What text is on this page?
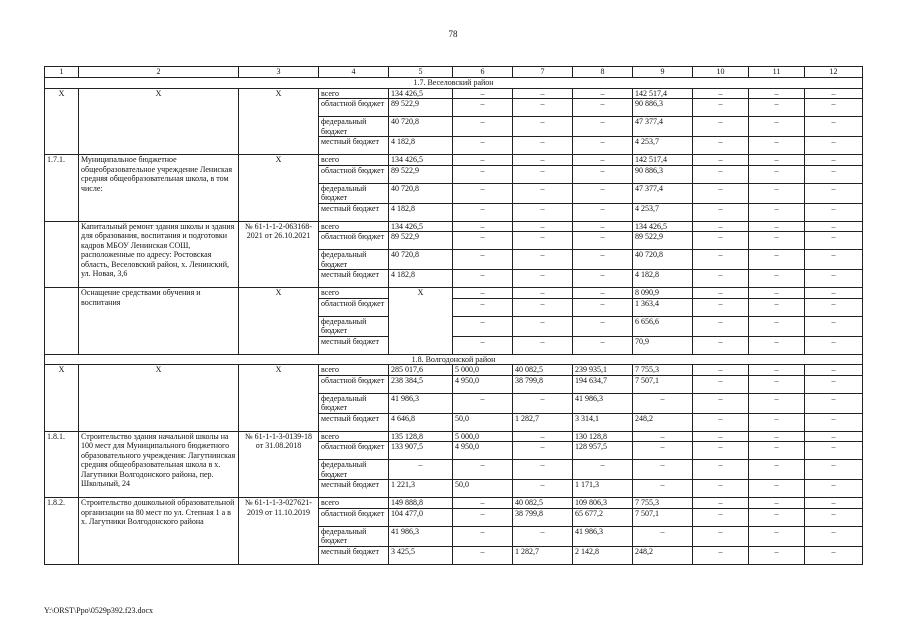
78
1	2	3	4	5	6	7	8	9	10	11	12
1.7. Веселовский район											
Х	Х	Х	всего	134 426,5	–	–	–	142 517,4	–	–	–
			областной бюджет	89 522,9	–	–	–	90 886,3	–	–	–
			федеральный бюджет	40 720,8	–	–	–	47 377,4	–	–	–
			местный бюджет	4 182,8	–	–	–	4 253,7	–	–	–
1.7.1.	Муниципальное бюджетное общеобразовательное учреждение Лениская средняя общеобразовательная школа, в том числе:	Х	всего	134 426,5	–	–	–	142 517,4	–	–	–
			областной бюджет	89 522,9	–	–	–	90 886,3	–	–	–
			федеральный бюджет	40 720,8	–	–	–	47 377,4	–	–	–
			местный бюджет	4 182,8	–	–	–	4 253,7	–	–	–
	Капитальный ремонт здания школы и здания для образования, воспитания и подготовки кадров МБОУ Ленинская СОШ, расположенные по адресу: Ростовская область, Веселовский район, х. Ленинский, ул. Новая, 3,6	№ 61-1-1-2-063168-2021 от 26.10.2021	всего	134 426,5	–	–	–	134 426,5	–	–	–
			областной бюджет	89 522,9	–	–	–	89 522,9	–	–	–
			федеральный бюджет	40 720,8	–	–	–	40 720,8	–	–	–
			местный бюджет	4 182,8	–	–	–	4 182,8	–	–	–
	Оснащение средствами обучения и воспитания	Х	всего	Х	–	–	–	8 090,9	–	–	–
			областной бюджет		–	–	–	1 363,4	–	–	–
			федеральный бюджет		–	–	–	6 656,6	–	–	–
			местный бюджет		–	–	–	70,9	–	–	–
1.8. Волгодонской район											
Х	Х	Х	всего	285 017,6	5 000,0	40 082,5	239 935,1	7 755,3	–	–	–
			областной бюджет	238 384,5	4 950,0	38 799,8	194 634,7	7 507,1	–	–	–
			федеральный бюджет	41 986,3	–	–	41 986,3	–	–	–	–
			местный бюджет	4 646,8	50,0	1 282,7	3 314,1	248,2	–	–	–
1.8.1.	Строительство здания начальной школы на 100 мест для Муниципального бюджетного образовательного учреждения: Лагутнинская средняя общеобразовательная школа в х. Лагутники Волгодонского района, пер. Школьный, 24	№ 61-1-1-3-0139-18 от 31.08.2018	всего	135 128,8	5 000,0	–	130 128,8	–	–	–	–
			областной бюджет	133 907,5	4 950,0	–	128 957,5	–	–	–	–
			федеральный бюджет	–	–	–	–	–	–	–	–
			местный бюджет	1 221,3	50,0	–	1 171,3	–	–	–	–
1.8.2.	Строительство дошкольной образовательной организации на 80 мест по ул. Степная 1 а в х. Лагутники Волгодонского района	№ 61-1-1-3-027621-2019 от 11.10.2019	всего	149 888,8	–	40 082,5	109 806,3	7 755,3	–	–	–
			областной бюджет	104 477,0	–	38 799,8	65 677,2	7 507,1	–	–	–
			федеральный бюджет	41 986,3	–	–	41 986,3	–	–	–	–
			местный бюджет	3 425,5	–	1 282,7	2 142,8	248,2	–	–	–
Y:\ORST\Ppo\0529p392.f23.docx
